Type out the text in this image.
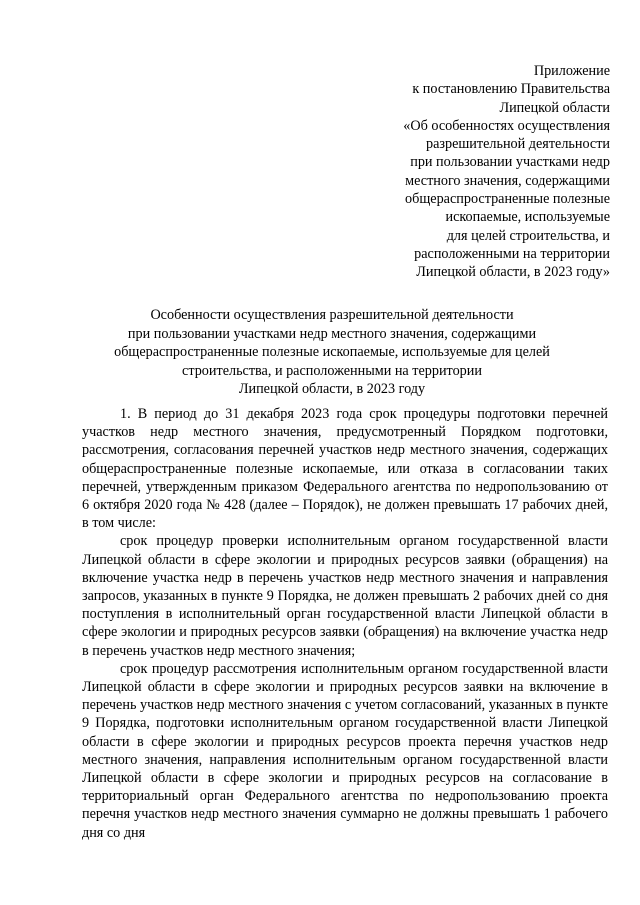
Приложение
к постановлению Правительства
Липецкой области
«Об особенностях осуществления
разрешительной деятельности
при пользовании участками недр
местного значения, содержащими
общераспространенные полезные
ископаемые, используемые
для целей строительства, и
расположенными на территории
Липецкой области, в 2023 году»
Особенности осуществления разрешительной деятельности
при пользовании участками недр местного значения, содержащими
общераспространенные полезные ископаемые, используемые для целей
строительства, и расположенными на территории
Липецкой области, в 2023 году

1. В период до 31 декабря 2023 года срок процедуры подготовки перечней участков недр местного значения, предусмотренный Порядком подготовки, рассмотрения, согласования перечней участков недр местного значения, содержащих общераспространенные полезные ископаемые, или отказа в согласовании таких перечней, утвержденным приказом Федерального агентства по недропользованию от 6 октября 2020 года № 428 (далее – Порядок), не должен превышать 17 рабочих дней, в том числе:

срок процедур проверки исполнительным органом государственной власти Липецкой области в сфере экологии и природных ресурсов заявки (обращения) на включение участка недр в перечень участков недр местного значения и направления запросов, указанных в пункте 9 Порядка, не должен превышать 2 рабочих дней со дня поступления в исполнительный орган государственной власти Липецкой области в сфере экологии и природных ресурсов заявки (обращения) на включение участка недр в перечень участков недр местного значения;

срок процедур рассмотрения исполнительным органом государственной власти Липецкой области в сфере экологии и природных ресурсов заявки на включение в перечень участков недр местного значения с учетом согласований, указанных в пункте 9 Порядка, подготовки исполнительным органом государственной власти Липецкой области в сфере экологии и природных ресурсов проекта перечня участков недр местного значения, направления исполнительным органом государственной власти Липецкой области в сфере экологии и природных ресурсов на согласование в территориальный орган Федерального агентства по недропользованию проекта перечня участков недр местного значения суммарно не должны превышать 1 рабочего дня со дня
